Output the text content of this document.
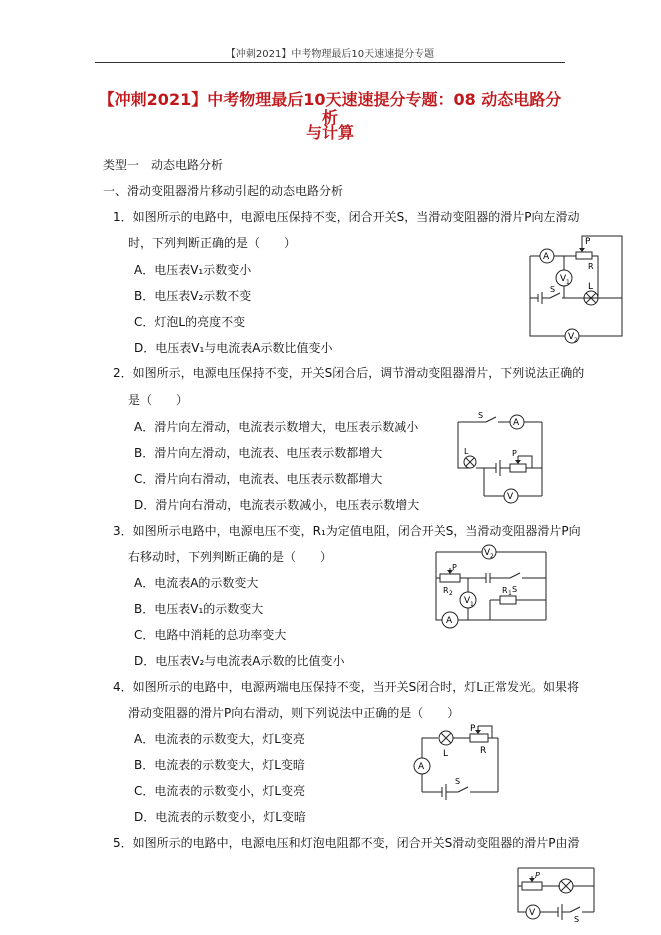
【冲刺2021】中考物理最后10天速速提分专题
【冲刺2021】中考物理最后10天速速提分专题：08 动态电路分析
与计算
类型一　动态电路分析
一、滑动变阻器滑片移动引起的动态电路分析
1．如图所示的电路中，电源电压保持不变，闭合开关S，当滑动变阻器的滑片P向左滑动
时，下列判断正确的是（　　）
A．电压表V₁示数变小
B．电压表V₂示数不变
C．灯泡L的亮度不变
D．电压表V₁与电流表A示数比值变小
A
P
R
V 1
S	L
V 2
2．如图所示，电源电压保持不变，开关S闭合后，调节滑动变阻器滑片，下列说法正确的
是（　　）
A．滑片向左滑动，电流表示数增大，电压表示数减小
B．滑片向左滑动，电流表、电压表示数都增大
C．滑片向右滑动，电流表、电压表示数都增大
D．滑片向右滑动，电流表示数减小，电压表示数增大
S
A
L	P
V
3．如图所示电路中，电源电压不变，R₁为定值电阻，闭合开关S，当滑动变阻器滑片P向
右移动时，下列判断正确的是（　　）
A．电流表A的示数变大
B．电压表V₁的示数变大
C．电路中消耗的总功率变大
D．电压表V₂与电流表A示数的比值变小
V 2
P
R 2	S
V 1
R 1
A
4．如图所示的电路中，电源两端电压保持不变，当开关S闭合时，灯L正常发光。如果将
滑动变阻器的滑片P向右滑动，则下列说法中正确的是（　　）
A．电流表的示数变大，灯L变亮
B．电流表的示数变大，灯L变暗
C．电流表的示数变小，灯L变亮
D．电流表的示数变小，灯L变暗
L
P
R
A
S
5．如图所示的电路中，电源电压和灯泡电阻都不变，闭合开关S滑动变阻器的滑片P由滑
P
V
S
